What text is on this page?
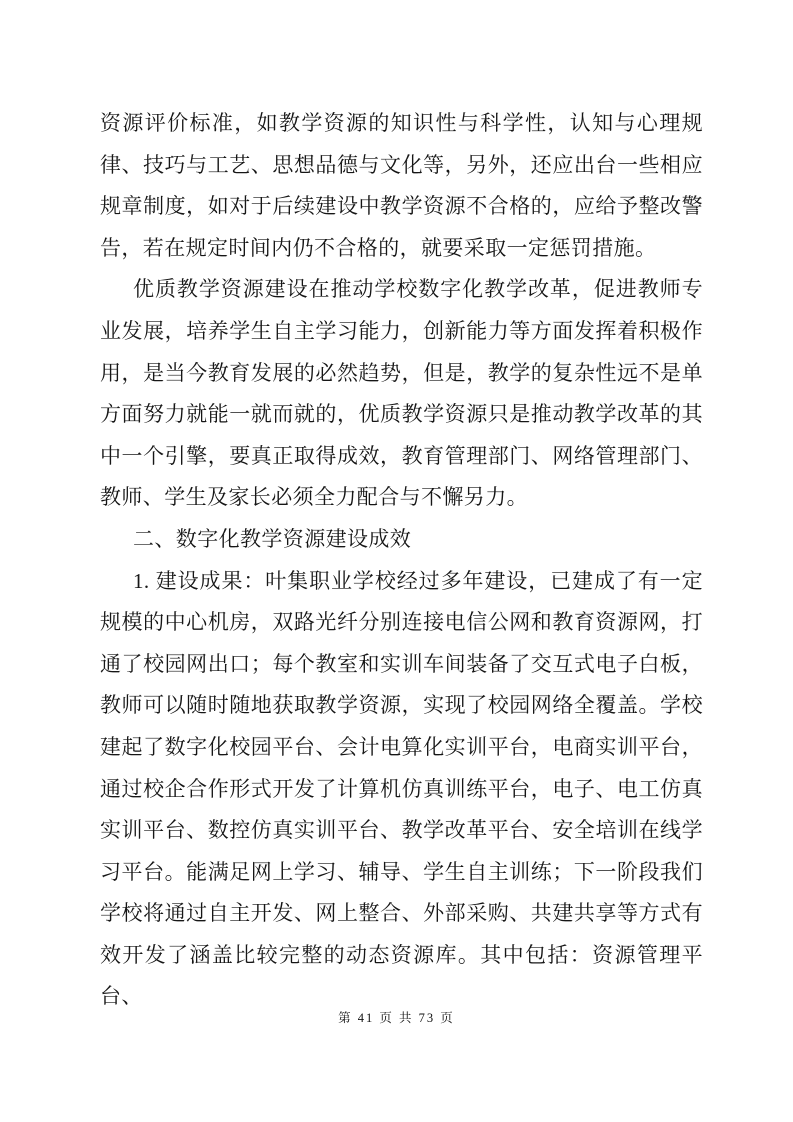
资源评价标准，如教学资源的知识性与科学性，认知与心理规律、技巧与工艺、思想品德与文化等，另外，还应出台一些相应规章制度，如对于后续建设中教学资源不合格的，应给予整改警告，若在规定时间内仍不合格的，就要采取一定惩罚措施。

优质教学资源建设在推动学校数字化教学改革，促进教师专业发展，培养学生自主学习能力，创新能力等方面发挥着积极作用，是当今教育发展的必然趋势，但是，教学的复杂性远不是单方面努力就能一就而就的，优质教学资源只是推动教学改革的其中一个引擎，要真正取得成效，教育管理部门、网络管理部门、教师、学生及家长必须全力配合与不懈另力。

二、数字化教学资源建设成效

1. 建设成果：叶集职业学校经过多年建设，已建成了有一定规模的中心机房，双路光纤分别连接电信公网和教育资源网，打通了校园网出口；每个教室和实训车间装备了交互式电子白板，教师可以随时随地获取教学资源，实现了校园网络全覆盖。学校建起了数字化校园平台、会计电算化实训平台，电商实训平台，通过校企合作形式开发了计算机仿真训练平台，电子、电工仿真实训平台、数控仿真实训平台、教学改革平台、安全培训在线学习平台。能满足网上学习、辅导、学生自主训练；下一阶段我们学校将通过自主开发、网上整合、外部采购、共建共享等方式有效开发了涵盖比较完整的动态资源库。其中包括：资源管理平台、

第 41 页 共 73 页
